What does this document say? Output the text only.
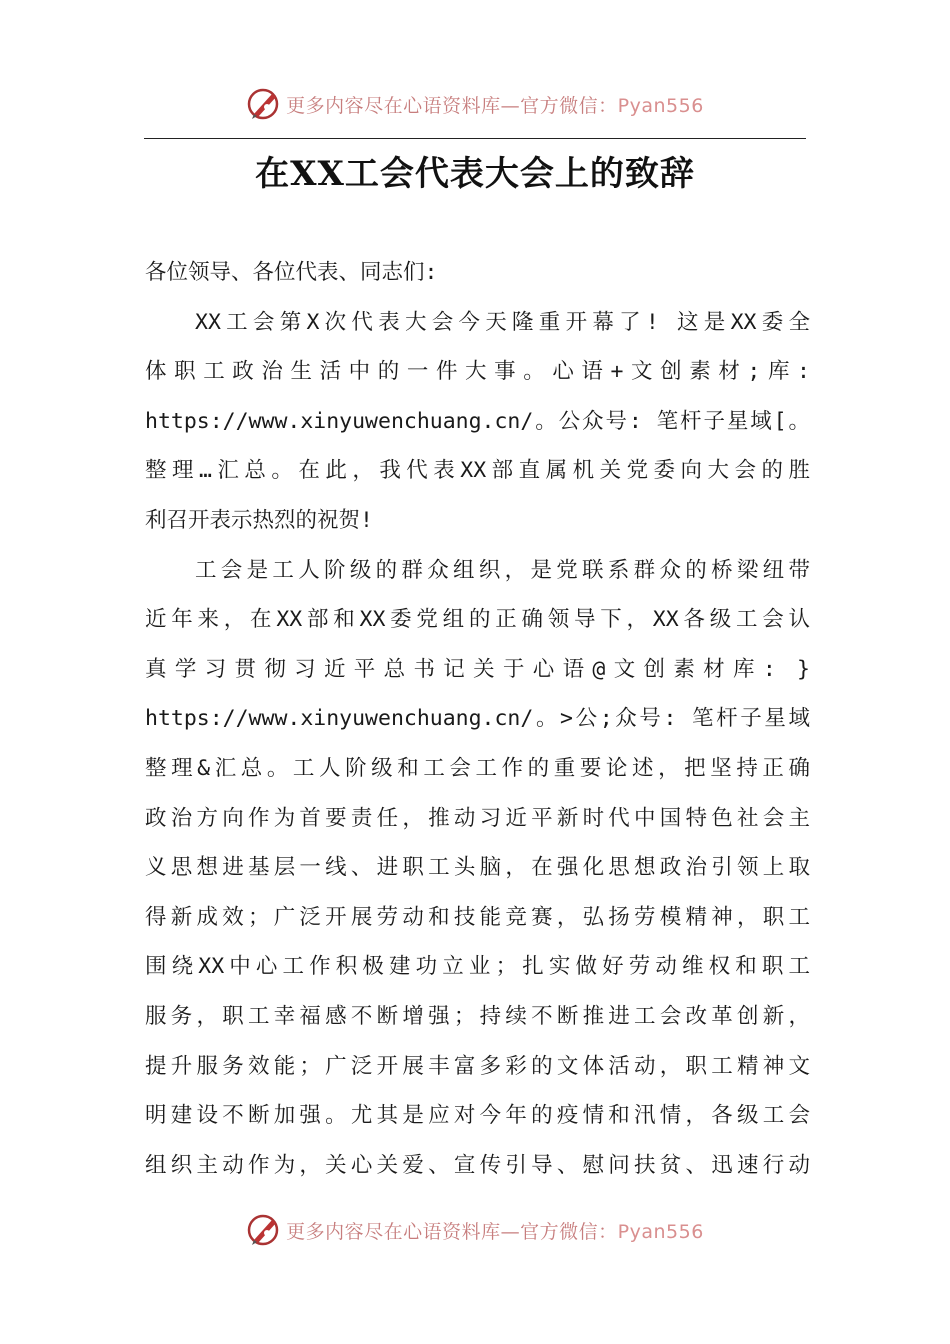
更多内容尽在心语资料库—官方微信：Pyan556
在XX工会代表大会上的致辞
各位领导、各位代表、同志们:
XX工会第X次代表大会今天隆重开幕了! 这是XX委全
体职工政治生活中的一件大事。心语+文创素材;库:
https://www.xinyuwenchuang.cn/。公众号: 笔杆子星域[。
整理…汇总。在此，我代表XX部直属机关党委向大会的胜
利召开表示热烈的祝贺!
工会是工人阶级的群众组织，是党联系群众的桥梁纽带
近年来，在XX部和XX委党组的正确领导下，XX各级工会认
真学习贯彻习近平总书记关于心语@文创素材库: }
https://www.xinyuwenchuang.cn/。>公;众号: 笔杆子星域
整理&汇总。工人阶级和工会工作的重要论述，把坚持正确
政治方向作为首要责任，推动习近平新时代中国特色社会主
义思想进基层一线、进职工头脑，在强化思想政治引领上取
得新成效；广泛开展劳动和技能竞赛，弘扬劳模精神，职工
围绕XX中心工作积极建功立业；扎实做好劳动维权和职工
服务，职工幸福感不断增强；持续不断推进工会改革创新，
提升服务效能；广泛开展丰富多彩的文体活动，职工精神文
明建设不断加强。尤其是应对今年的疫情和汛情，各级工会
组织主动作为，关心关爱、宣传引导、慰问扶贫、迅速行动
更多内容尽在心语资料库—官方微信：Pyan556
